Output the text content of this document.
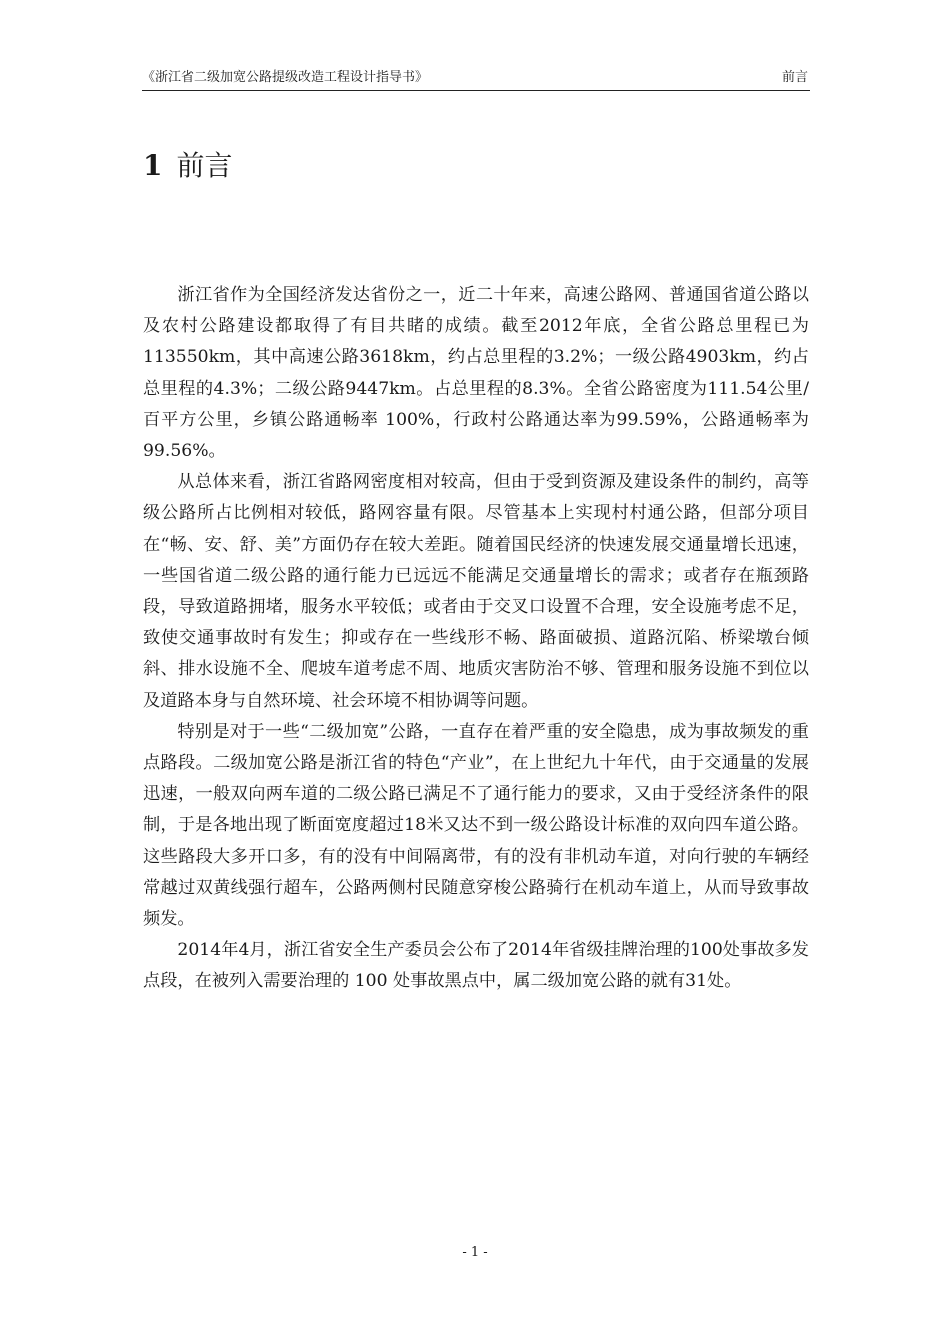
《浙江省二级加宽公路提级改造工程设计指导书》	前言
1 前言

浙江省作为全国经济发达省份之一，近二十年来，高速公路网、普通国省道公路以及农村公路建设都取得了有目共睹的成绩。截至2012年底，全省公路总里程已为113550km，其中高速公路3618km，约占总里程的3.2%；一级公路4903km，约占总里程的4.3%；二级公路9447km。占总里程的8.3%。全省公路密度为111.54公里/百平方公里，乡镇公路通畅率 100%，行政村公路通达率为99.59%，公路通畅率为99.56%。

从总体来看，浙江省路网密度相对较高，但由于受到资源及建设条件的制约，高等级公路所占比例相对较低，路网容量有限。尽管基本上实现村村通公路，但部分项目在“畅、安、舒、美”方面仍存在较大差距。随着国民经济的快速发展交通量增长迅速，一些国省道二级公路的通行能力已远远不能满足交通量增长的需求；或者存在瓶颈路段，导致道路拥堵，服务水平较低；或者由于交叉口设置不合理，安全设施考虑不足，致使交通事故时有发生；抑或存在一些线形不畅、路面破损、道路沉陷、桥梁墩台倾斜、排水设施不全、爬坡车道考虑不周、地质灾害防治不够、管理和服务设施不到位以及道路本身与自然环境、社会环境不相协调等问题。

特别是对于一些“二级加宽”公路，一直存在着严重的安全隐患，成为事故频发的重点路段。二级加宽公路是浙江省的特色“产业”，在上世纪九十年代，由于交通量的发展迅速，一般双向两车道的二级公路已满足不了通行能力的要求，又由于受经济条件的限制，于是各地出现了断面宽度超过18米又达不到一级公路设计标准的双向四车道公路。这些路段大多开口多，有的没有中间隔离带，有的没有非机动车道，对向行驶的车辆经常越过双黄线强行超车，公路两侧村民随意穿梭公路骑行在机动车道上，从而导致事故频发。

2014年4月，浙江省安全生产委员会公布了2014年省级挂牌治理的100处事故多发点段，在被列入需要治理的 100 处事故黑点中，属二级加宽公路的就有31处。

- 1 -
